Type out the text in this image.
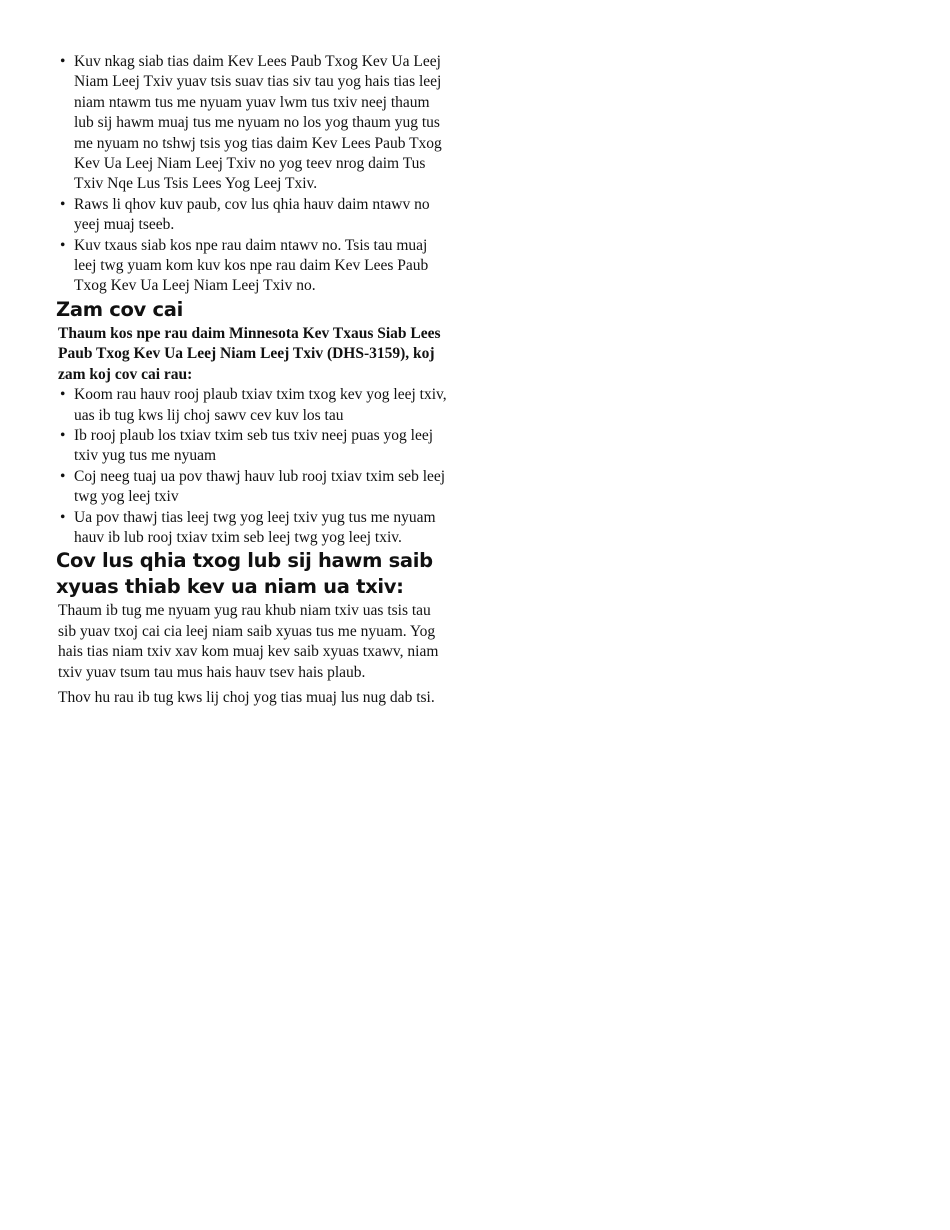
• Kuv nkag siab tias daim Kev Lees Paub Txog Kev Ua Leej Niam Leej Txiv yuav tsis suav tias siv tau yog hais tias leej niam ntawm tus me nyuam yuav lwm tus txiv neej thaum lub sij hawm muaj tus me nyuam no los yog thaum yug tus me nyuam no tshwj tsis yog tias daim Kev Lees Paub Txog Kev Ua Leej Niam Leej Txiv no yog teev nrog daim Tus Txiv Nqe Lus Tsis Lees Yog Leej Txiv.
• Raws li qhov kuv paub, cov lus qhia hauv daim ntawv no yeej muaj tseeb.
• Kuv txaus siab kos npe rau daim ntawv no. Tsis tau muaj leej twg yuam kom kuv kos npe rau daim Kev Lees Paub Txog Kev Ua Leej Niam Leej Txiv no.
Zam cov cai

Thaum kos npe rau daim Minnesota Kev Txaus Siab Lees Paub Txog Kev Ua Leej Niam Leej Txiv (DHS-3159), koj zam koj cov cai rau:

• Koom rau hauv rooj plaub txiav txim txog kev yog leej txiv, uas ib tug kws lij choj sawv cev kuv los tau
• Ib rooj plaub los txiav txim seb tus txiv neej puas yog leej txiv yug tus me nyuam
• Coj neeg tuaj ua pov thawj hauv lub rooj txiav txim seb leej twg yog leej txiv
• Ua pov thawj tias leej twg yog leej txiv yug tus me nyuam hauv ib lub rooj txiav txim seb leej twg yog leej txiv.
Cov lus qhia txog lub sij hawm saib xyuas thiab kev ua niam ua txiv:

Thaum ib tug me nyuam yug rau khub niam txiv uas tsis tau sib yuav txoj cai cia leej niam saib xyuas tus me nyuam. Yog hais tias niam txiv xav kom muaj kev saib xyuas txawv, niam txiv yuav tsum tau mus hais hauv tsev hais plaub.

Thov hu rau ib tug kws lij choj yog tias muaj lus nug dab tsi.
